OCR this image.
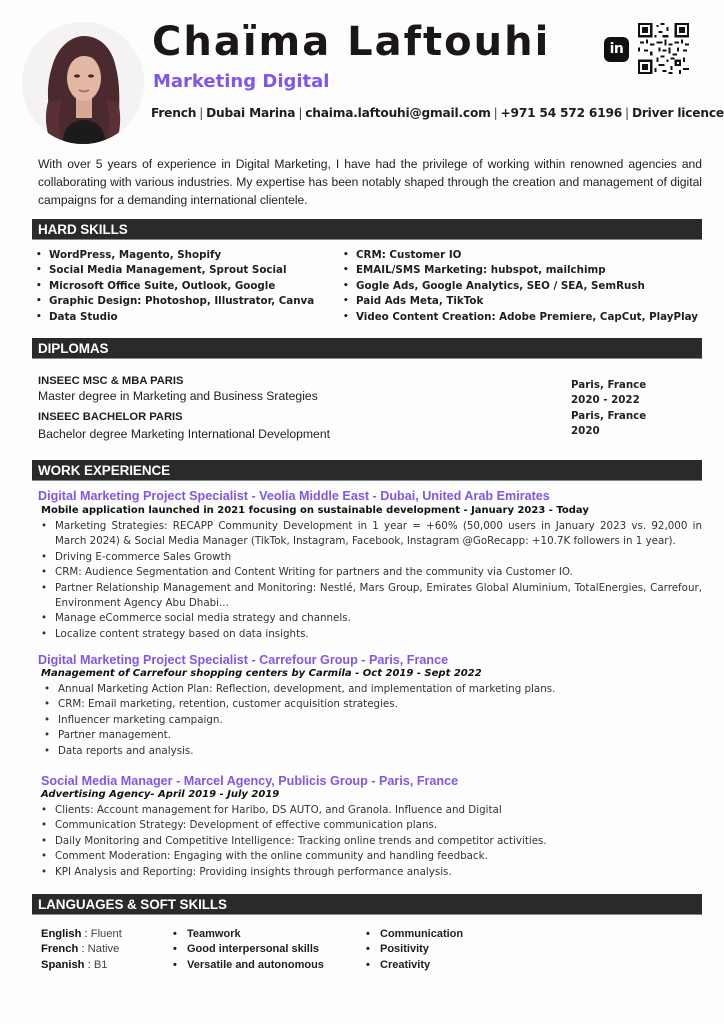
Chaïma Laftouhi
Marketing Digital
French | Dubai Marina | chaima.laftouhi@gmail.com | +971 54 572 6196 | Driver licence
in

With over 5 years of experience in Digital Marketing, I have had the privilege of working within renowned agencies and collaborating with various industries. My expertise has been notably shaped through the creation and management of digital campaigns for a demanding international clientele.

HARD SKILLS
• WordPress, Magento, Shopify
• Social Media Management, Sprout Social
• Microsoft Office Suite, Outlook, Google
• Graphic Design: Photoshop, Illustrator, Canva
• Data Studio
• CRM: Customer IO
• EMAIL/SMS Marketing: hubspot, mailchimp
• Gogle Ads, Google Analytics, SEO / SEA, SemRush
• Paid Ads Meta, TikTok
• Video Content Creation: Adobe Premiere, CapCut, PlayPlay
DIPLOMAS
INSEEC MSC & MBA PARIS
Master degree in Marketing and Business Srategies
INSEEC BACHELOR PARIS
Bachelor degree Marketing International Development
Paris, France
2020 - 2022
Paris, France
2020
WORK EXPERIENCE
Digital Marketing Project Specialist - Veolia Middle East - Dubai, United Arab Emirates
Mobile application launched in 2021 focusing on sustainable development - January 2023 - Today
• Marketing Strategies: RECAPP Community Development in 1 year = +60% (50,000 users in January 2023 vs. 92,000 in March 2024) & Social Media Manager (TikTok, Instagram, Facebook, Instagram @GoRecapp: +10.7K followers in 1 year).
• Driving E-commerce Sales Growth
• CRM: Audience Segmentation and Content Writing for partners and the community via Customer IO.
• Partner Relationship Management and Monitoring: Nestlé, Mars Group, Emirates Global Aluminium, TotalEnergies, Carrefour, Environment Agency Abu Dhabi...
• Manage eCommerce social media strategy and channels.
• Localize content strategy based on data insights.
Digital Marketing Project Specialist - Carrefour Group - Paris, France
Management of Carrefour shopping centers by Carmila - Oct 2019 - Sept 2022
• Annual Marketing Action Plan: Reflection, development, and implementation of marketing plans.
• CRM: Email marketing, retention, customer acquisition strategies.
• Influencer marketing campaign.
• Partner management.
• Data reports and analysis.
Social Media Manager - Marcel Agency, Publicis Group - Paris, France
Advertising Agency- April 2019 - July 2019
• Clients: Account management for Haribo, DS AUTO, and Granola. Influence and Digital
• Communication Strategy: Development of effective communication plans.
• Daily Monitoring and Competitive Intelligence: Tracking online trends and competitor activities.
• Comment Moderation: Engaging with the online community and handling feedback.
• KPI Analysis and Reporting: Providing insights through performance analysis.
LANGUAGES & SOFT SKILLS
English : Fluent
French : Native
Spanish : B1
• Teamwork
• Good interpersonal skills
• Versatile and autonomous
• Communication
• Positivity
• Creativity
